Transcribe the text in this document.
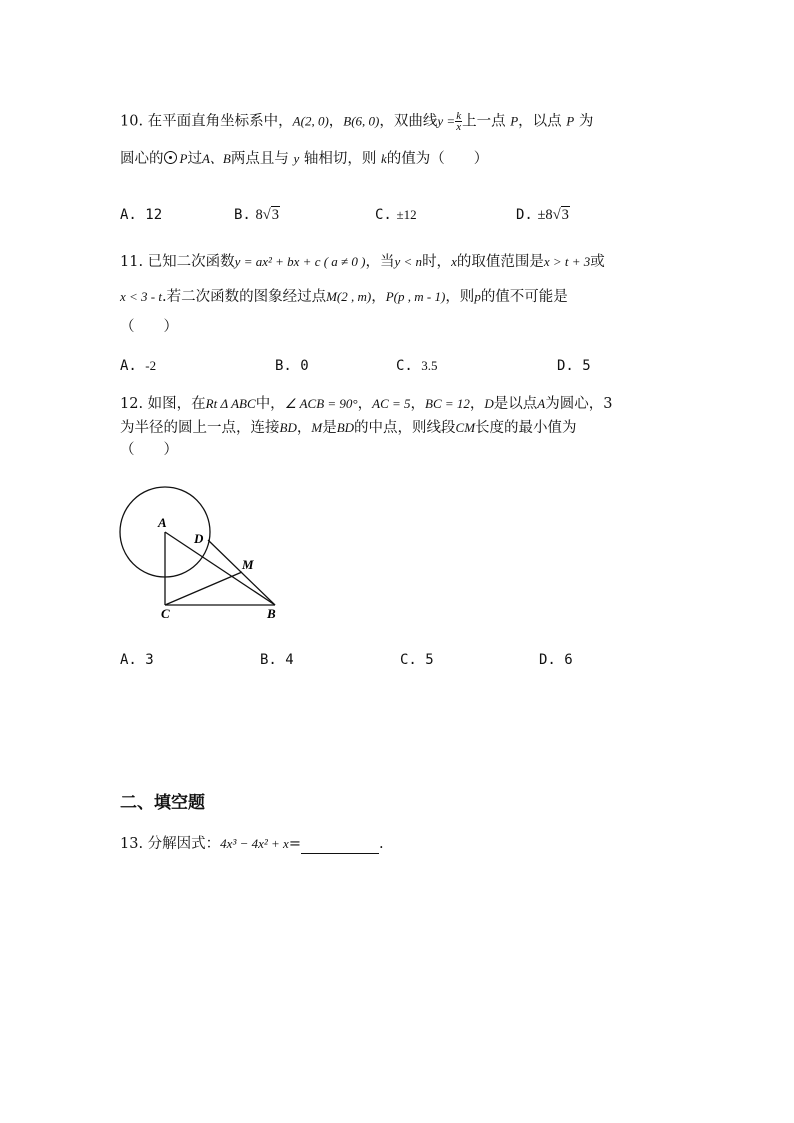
10. 在平面直角坐标系中，A(2, 0)，B(6, 0)，双曲线$y = \frac{k}{x}$ 上一点 P，以点 P 为
圆心的 P过A、B两点且与 y 轴相切，则 k的值为（　　）
A. 12	B. 8√3	C. ±12	D. ±8√3
11. 已知二次函数y = ax² + bx + c ( a ≠ 0 )，当y < n时，x的取值范围是x > t + 3或
x < 3 - t.若二次函数的图象经过点M(2 , m)，P(p , m - 1)，则p的值不可能是
（　　）
A. -2	B. 0	C. 3.5	D. 5
12. 如图，在Rt Δ ABC中，∠ ACB = 90°，AC = 5，BC = 12，D是以点A为圆心，3
为半径的圆上一点，连接BD，M是BD的中点，则线段CM长度的最小值为
（　　）
A
D
M
C	B
A. 3	B. 4	C. 5	D. 6
二、填空题
13. 分解因式：4x³ − 4x² + x=	.
